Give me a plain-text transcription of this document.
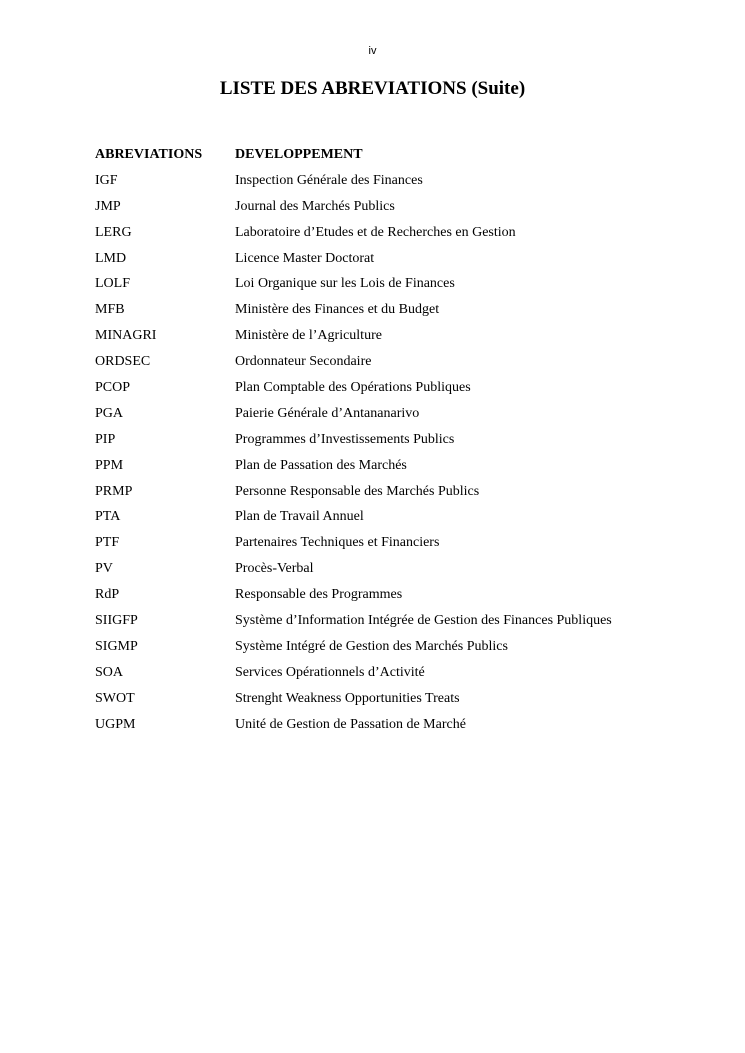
iv
LISTE DES ABREVIATIONS (Suite)
ABREVIATIONS	DEVELOPPEMENT
IGF	Inspection Générale des Finances
JMP	Journal des Marchés Publics
LERG	Laboratoire d’Etudes et de Recherches en Gestion
LMD	Licence Master Doctorat
LOLF	Loi Organique sur les Lois de Finances
MFB	Ministère des Finances et du Budget
MINAGRI	Ministère de l’Agriculture
ORDSEC	Ordonnateur Secondaire
PCOP	Plan Comptable des Opérations Publiques
PGA	Paierie Générale d’Antananarivo
PIP	Programmes d’Investissements Publics
PPM	Plan de Passation des Marchés
PRMP	Personne Responsable des Marchés Publics
PTA	Plan de Travail Annuel
PTF	Partenaires Techniques et Financiers
PV	Procès-Verbal
RdP	Responsable des Programmes
SIIGFP	Système d’Information Intégrée de Gestion des Finances Publiques
SIGMP	Système Intégré de Gestion des Marchés Publics
SOA	Services Opérationnels d’Activité
SWOT	Strenght Weakness Opportunities Treats
UGPM	Unité de Gestion de Passation de Marché
